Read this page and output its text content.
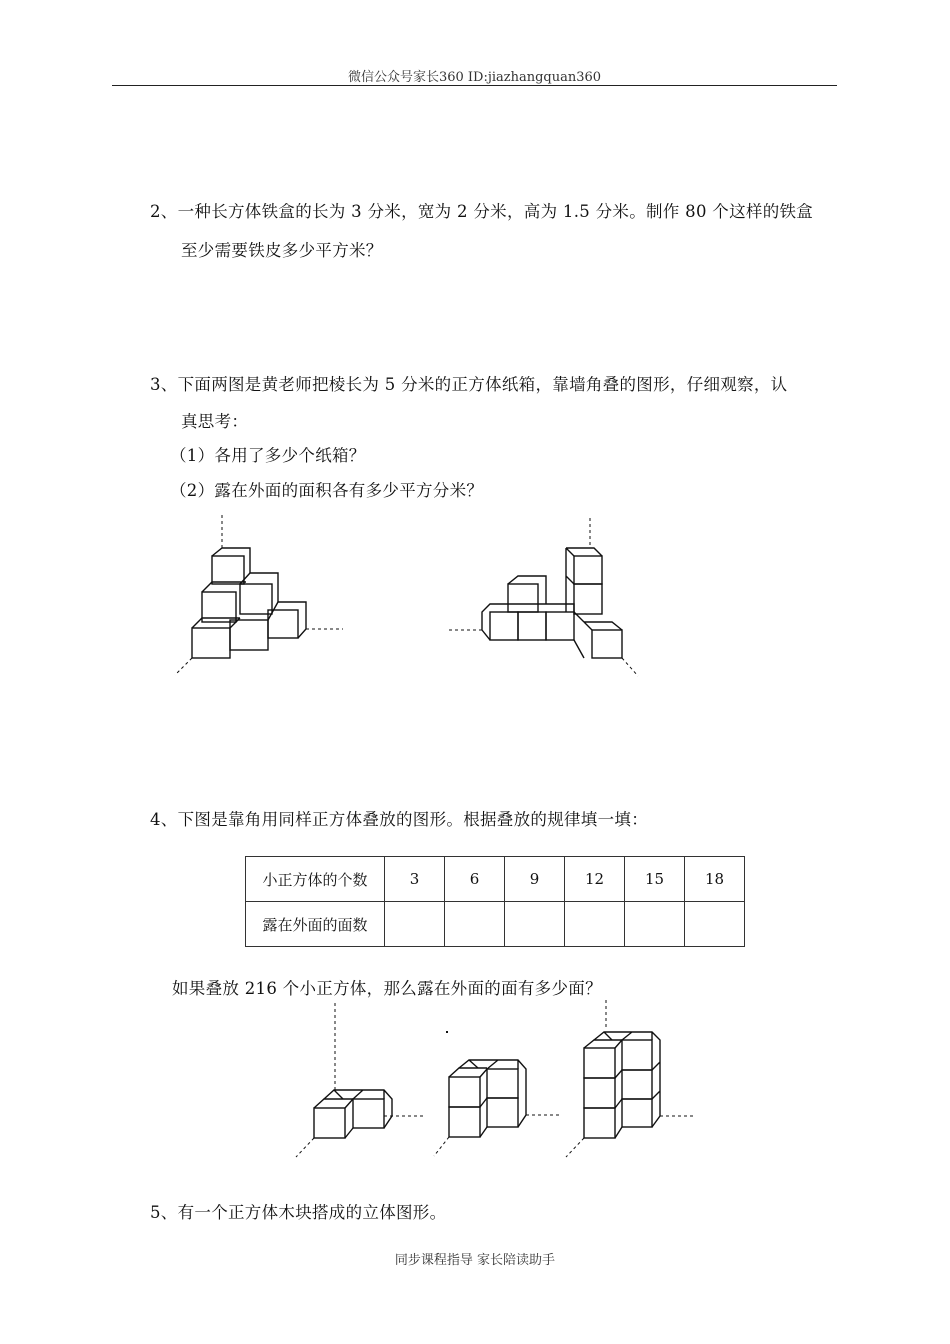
微信公众号家长360 ID:jiazhangquan360
2、一种长方体铁盒的长为 3 分米，宽为 2 分米，高为 1.5 分米。制作 80 个这样的铁盒
至少需要铁皮多少平方米？
3、下面两图是黄老师把棱长为 5 分米的正方体纸箱，靠墙角叠的图形，仔细观察，认
真思考：
（1）各用了多少个纸箱？
（2）露在外面的面积各有多少平方分米？
4、下图是靠角用同样正方体叠放的图形。根据叠放的规律填一填：
小正方体的个数	3	6	9	12	15	18
露在外面的面数						
如果叠放 216 个小正方体，那么露在外面的面有多少面？
5、有一个正方体木块搭成的立体图形。
同步课程指导 家长陪读助手
